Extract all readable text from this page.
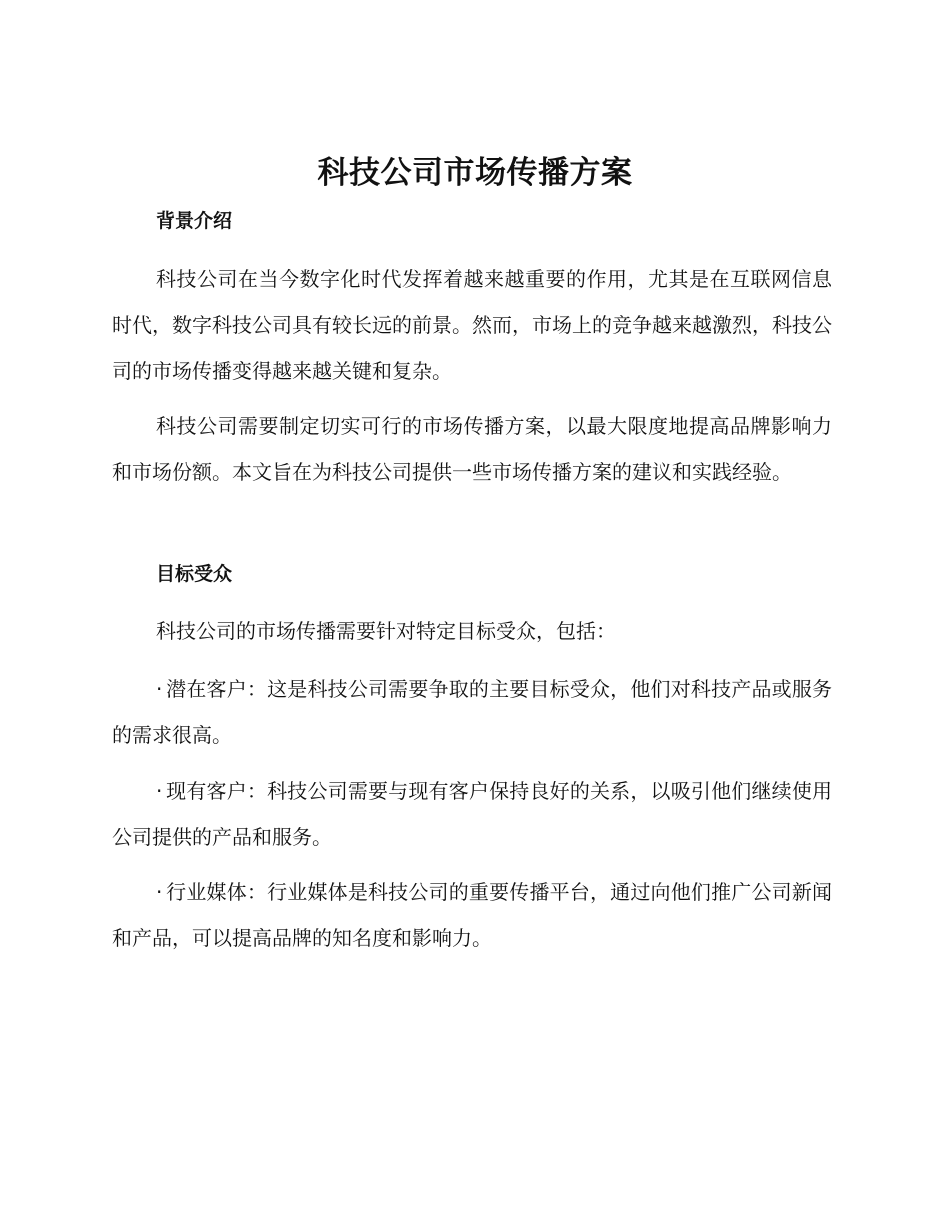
科技公司市场传播方案
背景介绍

科技公司在当今数字化时代发挥着越来越重要的作用，尤其是在互联网信息时代，数字科技公司具有较长远的前景。然而，市场上的竞争越来越激烈，科技公司的市场传播变得越来越关键和复杂。

科技公司需要制定切实可行的市场传播方案，以最大限度地提高品牌影响力和市场份额。本文旨在为科技公司提供一些市场传播方案的建议和实践经验。

目标受众

科技公司的市场传播需要针对特定目标受众，包括：

· 潜在客户：这是科技公司需要争取的主要目标受众，他们对科技产品或服务的需求很高。

· 现有客户：科技公司需要与现有客户保持良好的关系，以吸引他们继续使用公司提供的产品和服务。

· 行业媒体：行业媒体是科技公司的重要传播平台，通过向他们推广公司新闻和产品，可以提高品牌的知名度和影响力。
